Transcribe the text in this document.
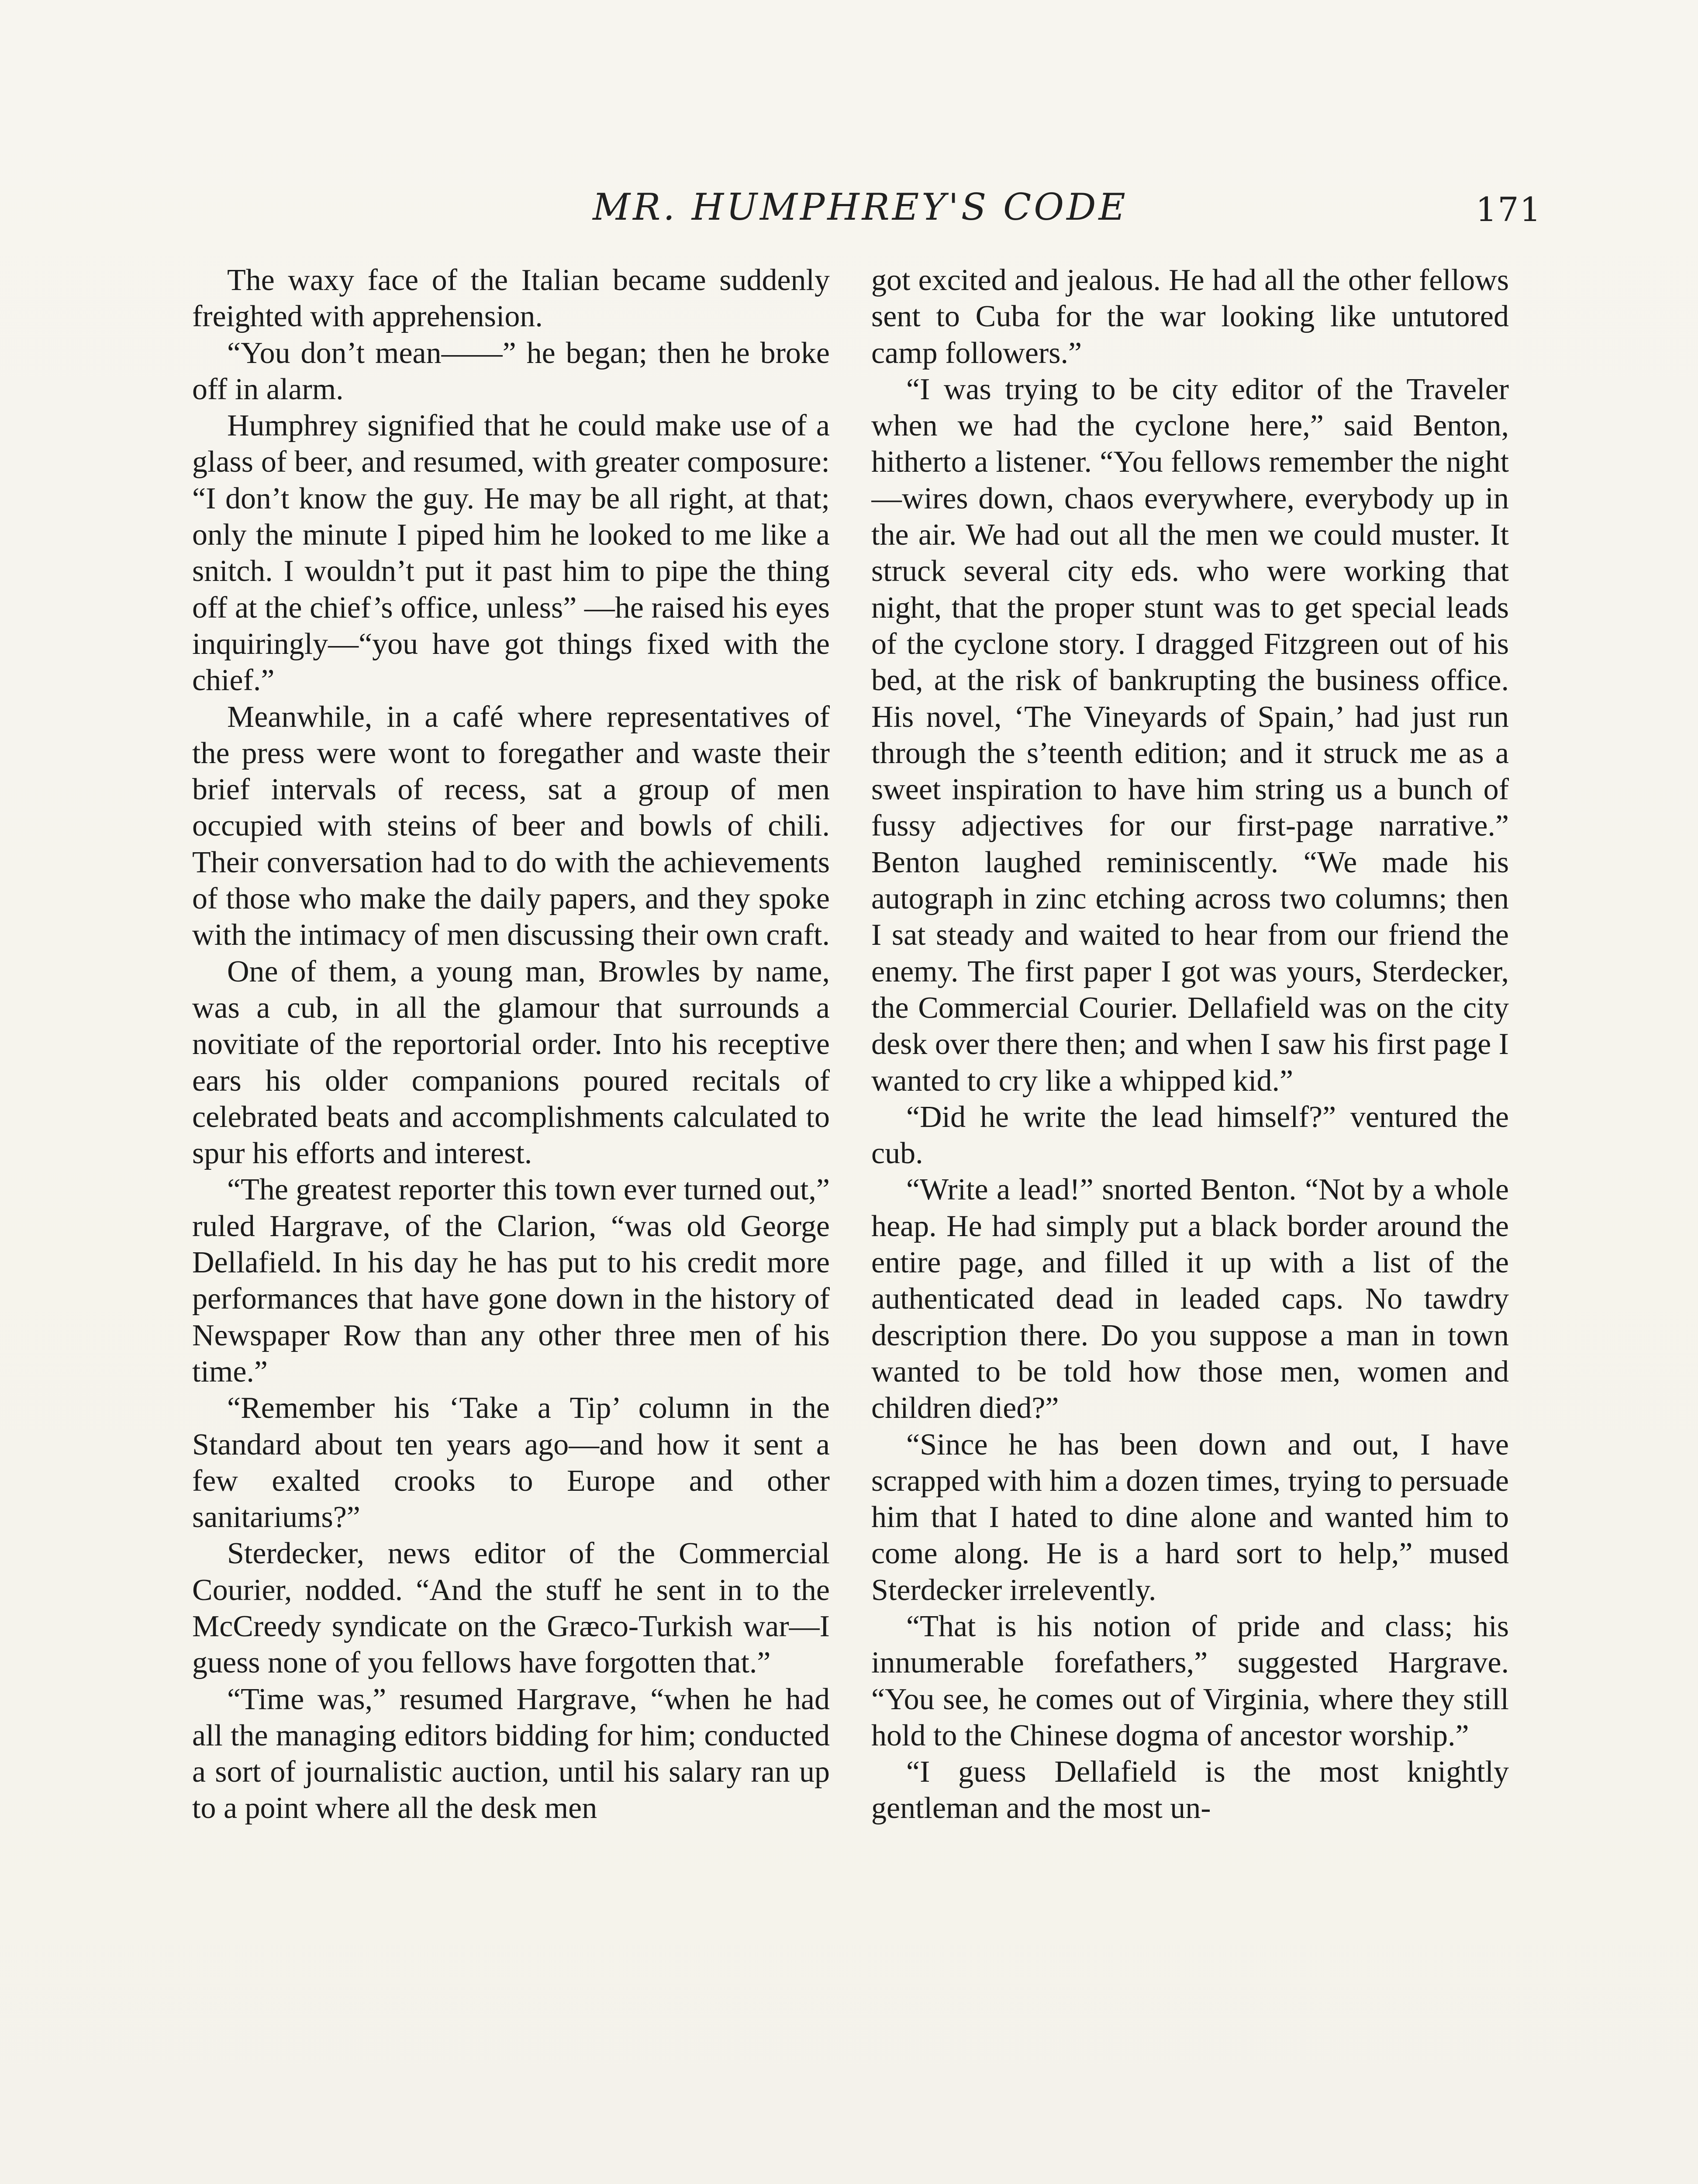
MR. HUMPHREY'S CODE	171

The waxy face of the Italian became suddenly freighted with apprehension.

“You don’t mean——” he began; then he broke off in alarm.

Humphrey signified that he could make use of a glass of beer, and resumed, with greater composure: “I don’t know the guy. He may be all right, at that; only the minute I piped him he looked to me like a snitch. I wouldn’t put it past him to pipe the thing off at the chief’s office, unless” —he raised his eyes inquiringly—“you have got things fixed with the chief.”

Meanwhile, in a café where representatives of the press were wont to foregather and waste their brief intervals of recess, sat a group of men occupied with steins of beer and bowls of chili. Their conversation had to do with the achievements of those who make the daily papers, and they spoke with the intimacy of men discussing their own craft.

One of them, a young man, Browles by name, was a cub, in all the glamour that surrounds a novitiate of the reportorial order. Into his receptive ears his older companions poured recitals of celebrated beats and accomplishments calculated to spur his efforts and interest.

“The greatest reporter this town ever turned out,” ruled Hargrave, of the Clarion, “was old George Dellafield. In his day he has put to his credit more performances that have gone down in the history of Newspaper Row than any other three men of his time.”

“Remember his ‘Take a Tip’ column in the Standard about ten years ago—and how it sent a few exalted crooks to Europe and other sanitariums?”

Sterdecker, news editor of the Commercial Courier, nodded. “And the stuff he sent in to the McCreedy syndicate on the Græco-Turkish war—I guess none of you fellows have forgotten that.”

“Time was,” resumed Hargrave, “when he had all the managing editors bidding for him; conducted a sort of journalistic auction, until his salary ran up to a point where all the desk men

got excited and jealous. He had all the other fellows sent to Cuba for the war looking like untutored camp followers.”

“I was trying to be city editor of the Traveler when we had the cyclone here,” said Benton, hitherto a listener. “You fellows remember the night—wires down, chaos everywhere, everybody up in the air. We had out all the men we could muster. It struck several city eds. who were working that night, that the proper stunt was to get special leads of the cyclone story. I dragged Fitzgreen out of his bed, at the risk of bankrupting the business office. His novel, ‘The Vineyards of Spain,’ had just run through the s’teenth edition; and it struck me as a sweet inspiration to have him string us a bunch of fussy adjectives for our first-page narrative.” Benton laughed reminiscently. “We made his autograph in zinc etching across two columns; then I sat steady and waited to hear from our friend the enemy. The first paper I got was yours, Sterdecker, the Commercial Courier. Dellafield was on the city desk over there then; and when I saw his first page I wanted to cry like a whipped kid.”

“Did he write the lead himself?” ventured the cub.

“Write a lead!” snorted Benton. “Not by a whole heap. He had simply put a black border around the entire page, and filled it up with a list of the authenticated dead in leaded caps. No tawdry description there. Do you suppose a man in town wanted to be told how those men, women and children died?”

“Since he has been down and out, I have scrapped with him a dozen times, trying to persuade him that I hated to dine alone and wanted him to come along. He is a hard sort to help,” mused Sterdecker irrelevently.

“That is his notion of pride and class; his innumerable forefathers,” suggested Hargrave. “You see, he comes out of Virginia, where they still hold to the Chinese dogma of ancestor worship.”

“I guess Dellafield is the most knightly gentleman and the most un-
